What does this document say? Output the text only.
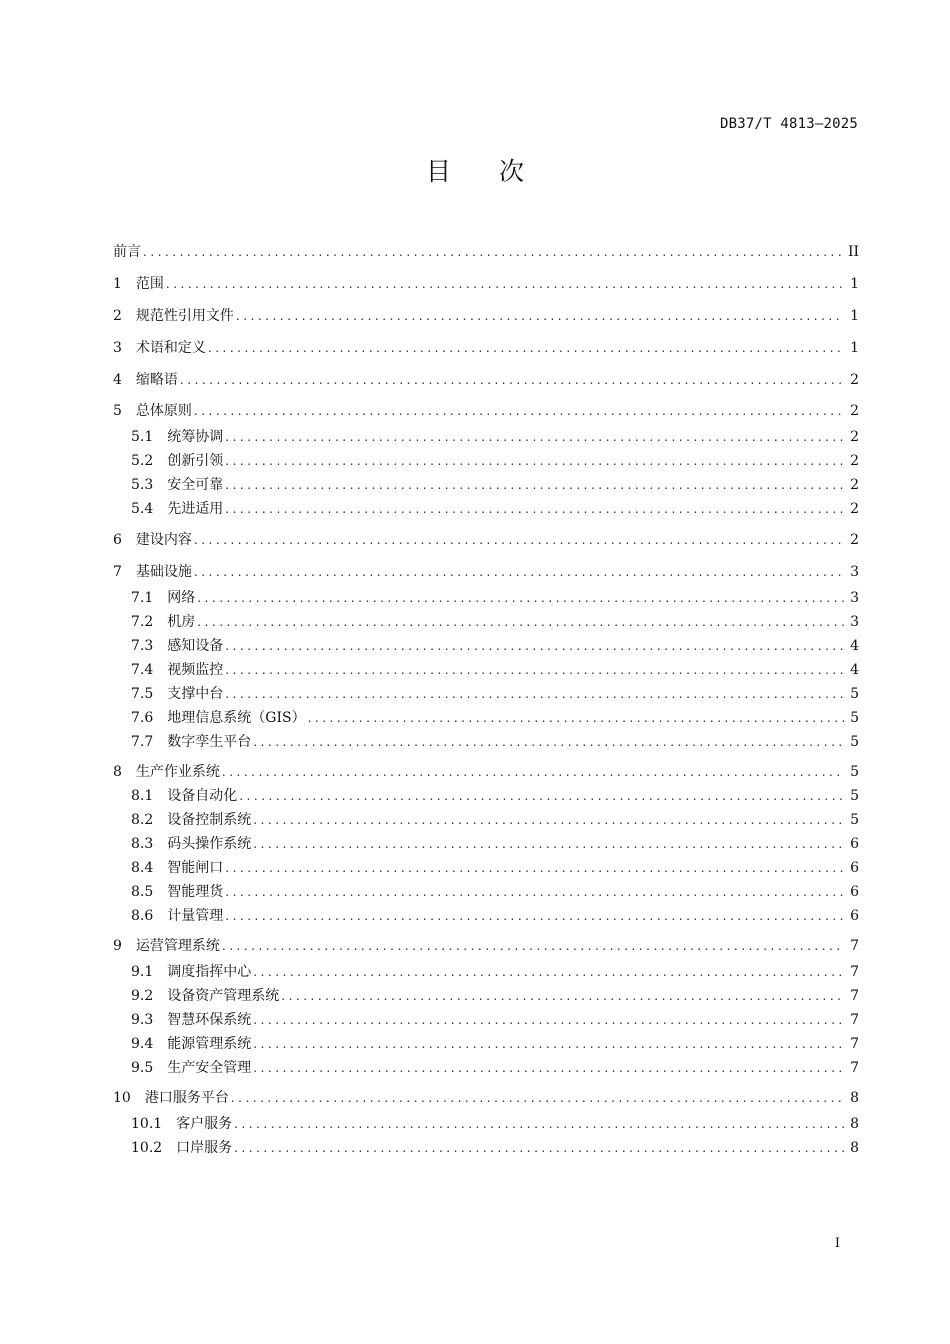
DB37/T 4813—2025
目 次
前言 .....	II
1 范围 .....	1
2 规范性引用文件 .....	1
3 术语和定义 .....	1
4 缩略语 .....	2
5 总体原则 .....	2
5.1 统筹协调 .....	2
5.2 创新引领 .....	2
5.3 安全可靠 .....	2
5.4 先进适用 .....	2
6 建设内容 .....	2
7 基础设施 .....	3
7.1 网络 .....	3
7.2 机房 .....	3
7.3 感知设备 .....	4
7.4 视频监控 .....	4
7.5 支撑中台 .....	5
7.6 地理信息系统（GIS） .....	5
7.7 数字孪生平台 .....	5
8 生产作业系统 .....	5
8.1 设备自动化 .....	5
8.2 设备控制系统 .....	5
8.3 码头操作系统 .....	6
8.4 智能闸口 .....	6
8.5 智能理货 .....	6
8.6 计量管理 .....	6
9 运营管理系统 .....	7
9.1 调度指挥中心 .....	7
9.2 设备资产管理系统 .....	7
9.3 智慧环保系统 .....	7
9.4 能源管理系统 .....	7
9.5 生产安全管理 .....	7
10 港口服务平台 .....	8
10.1 客户服务 .....	8
10.2 口岸服务 .....	8
I
